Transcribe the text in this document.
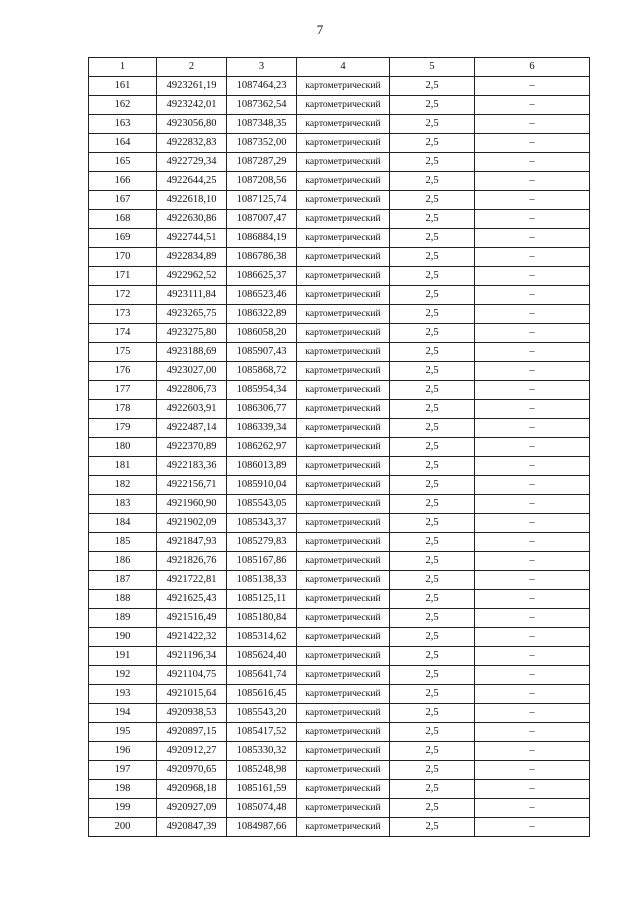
7
1	2	3	4	5	6
161	4923261,19	1087464,23	картометрический	2,5	–
162	4923242,01	1087362,54	картометрический	2,5	–
163	4923056,80	1087348,35	картометрический	2,5	–
164	4922832,83	1087352,00	картометрический	2,5	–
165	4922729,34	1087287,29	картометрический	2,5	–
166	4922644,25	1087208,56	картометрический	2,5	–
167	4922618,10	1087125,74	картометрический	2,5	–
168	4922630,86	1087007,47	картометрический	2,5	–
169	4922744,51	1086884,19	картометрический	2,5	–
170	4922834,89	1086786,38	картометрический	2,5	–
171	4922962,52	1086625,37	картометрический	2,5	–
172	4923111,84	1086523,46	картометрический	2,5	–
173	4923265,75	1086322,89	картометрический	2,5	–
174	4923275,80	1086058,20	картометрический	2,5	–
175	4923188,69	1085907,43	картометрический	2,5	–
176	4923027,00	1085868,72	картометрический	2,5	–
177	4922806,73	1085954,34	картометрический	2,5	–
178	4922603,91	1086306,77	картометрический	2,5	–
179	4922487,14	1086339,34	картометрический	2,5	–
180	4922370,89	1086262,97	картометрический	2,5	–
181	4922183,36	1086013,89	картометрический	2,5	–
182	4922156,71	1085910,04	картометрический	2,5	–
183	4921960,90	1085543,05	картометрический	2,5	–
184	4921902,09	1085343,37	картометрический	2,5	–
185	4921847,93	1085279,83	картометрический	2,5	–
186	4921826,76	1085167,86	картометрический	2,5	–
187	4921722,81	1085138,33	картометрический	2,5	–
188	4921625,43	1085125,11	картометрический	2,5	–
189	4921516,49	1085180,84	картометрический	2,5	–
190	4921422,32	1085314,62	картометрический	2,5	–
191	4921196,34	1085624,40	картометрический	2,5	–
192	4921104,75	1085641,74	картометрический	2,5	–
193	4921015,64	1085616,45	картометрический	2,5	–
194	4920938,53	1085543,20	картометрический	2,5	–
195	4920897,15	1085417,52	картометрический	2,5	–
196	4920912,27	1085330,32	картометрический	2,5	–
197	4920970,65	1085248,98	картометрический	2,5	–
198	4920968,18	1085161,59	картометрический	2,5	–
199	4920927,09	1085074,48	картометрический	2,5	–
200	4920847,39	1084987,66	картометрический	2,5	–
